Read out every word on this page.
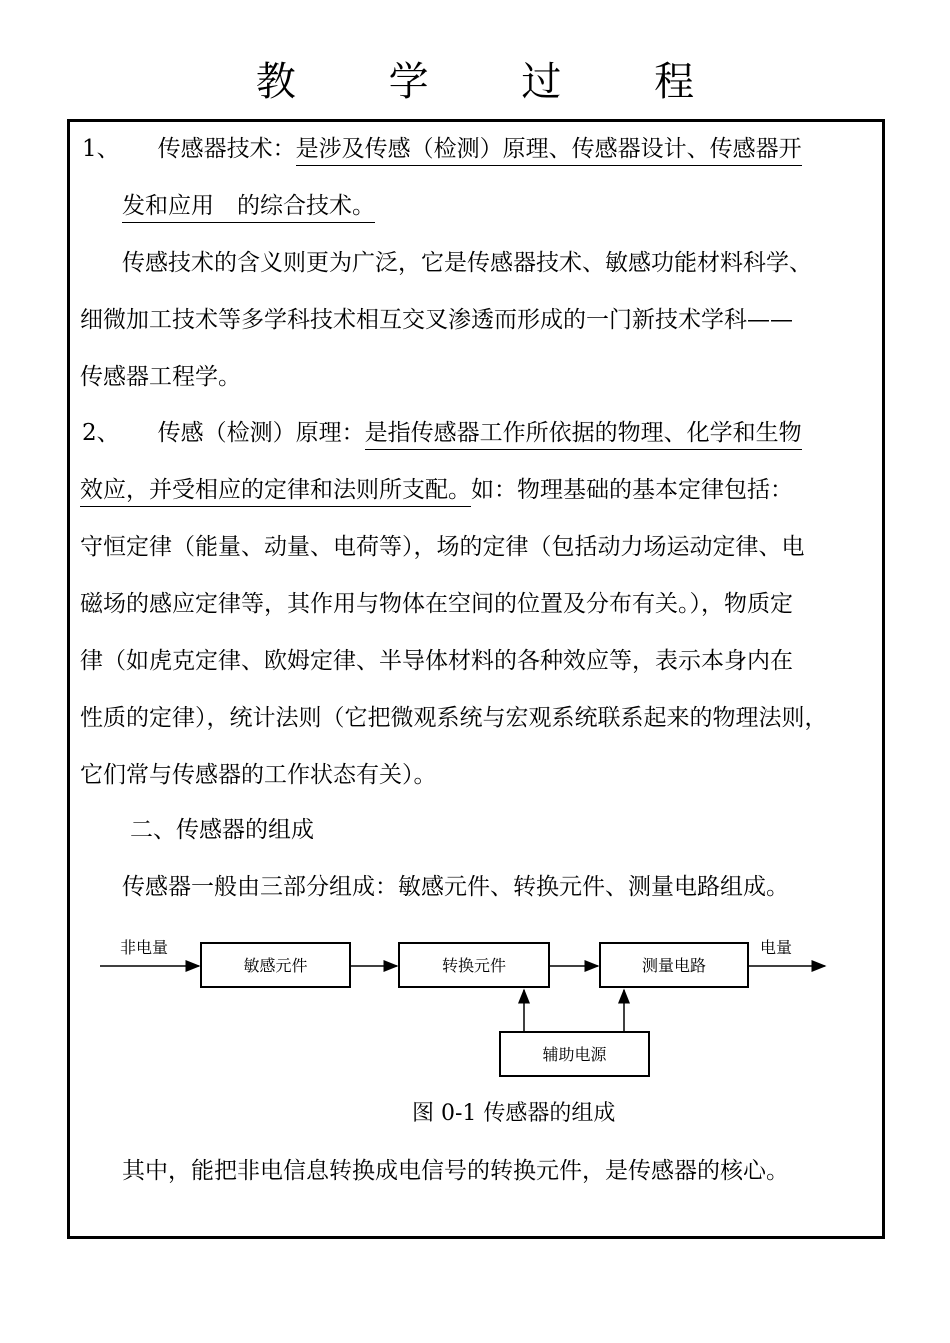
教 学 过 程
1、 传感器技术：是涉及传感（检测）原理、传感器设计、传感器开
发和应用　的综合技术。
传感技术的含义则更为广泛，它是传感器技术、敏感功能材料科学、
细微加工技术等多学科技术相互交叉渗透而形成的一门新技术学科——
传感器工程学。
2、 传感（检测）原理：是指传感器工作所依据的物理、化学和生物
效应，并受相应的定律和法则所支配。如：物理基础的基本定律包括：
守恒定律（能量、动量、电荷等），场的定律（包括动力场运动定律、电
磁场的感应定律等，其作用与物体在空间的位置及分布有关。），物质定
律（如虎克定律、欧姆定律、半导体材料的各种效应等，表示本身内在
性质的定律），统计法则（它把微观系统与宏观系统联系起来的物理法则，
它们常与传感器的工作状态有关）。
二、传感器的组成
传感器一般由三部分组成：敏感元件、转换元件、测量电路组成。
非电量
敏感元件	转换元件	测量电路
电量
辅助电源
图 0-1 传感器的组成
其中，能把非电信息转换成电信号的转换元件，是传感器的核心。
